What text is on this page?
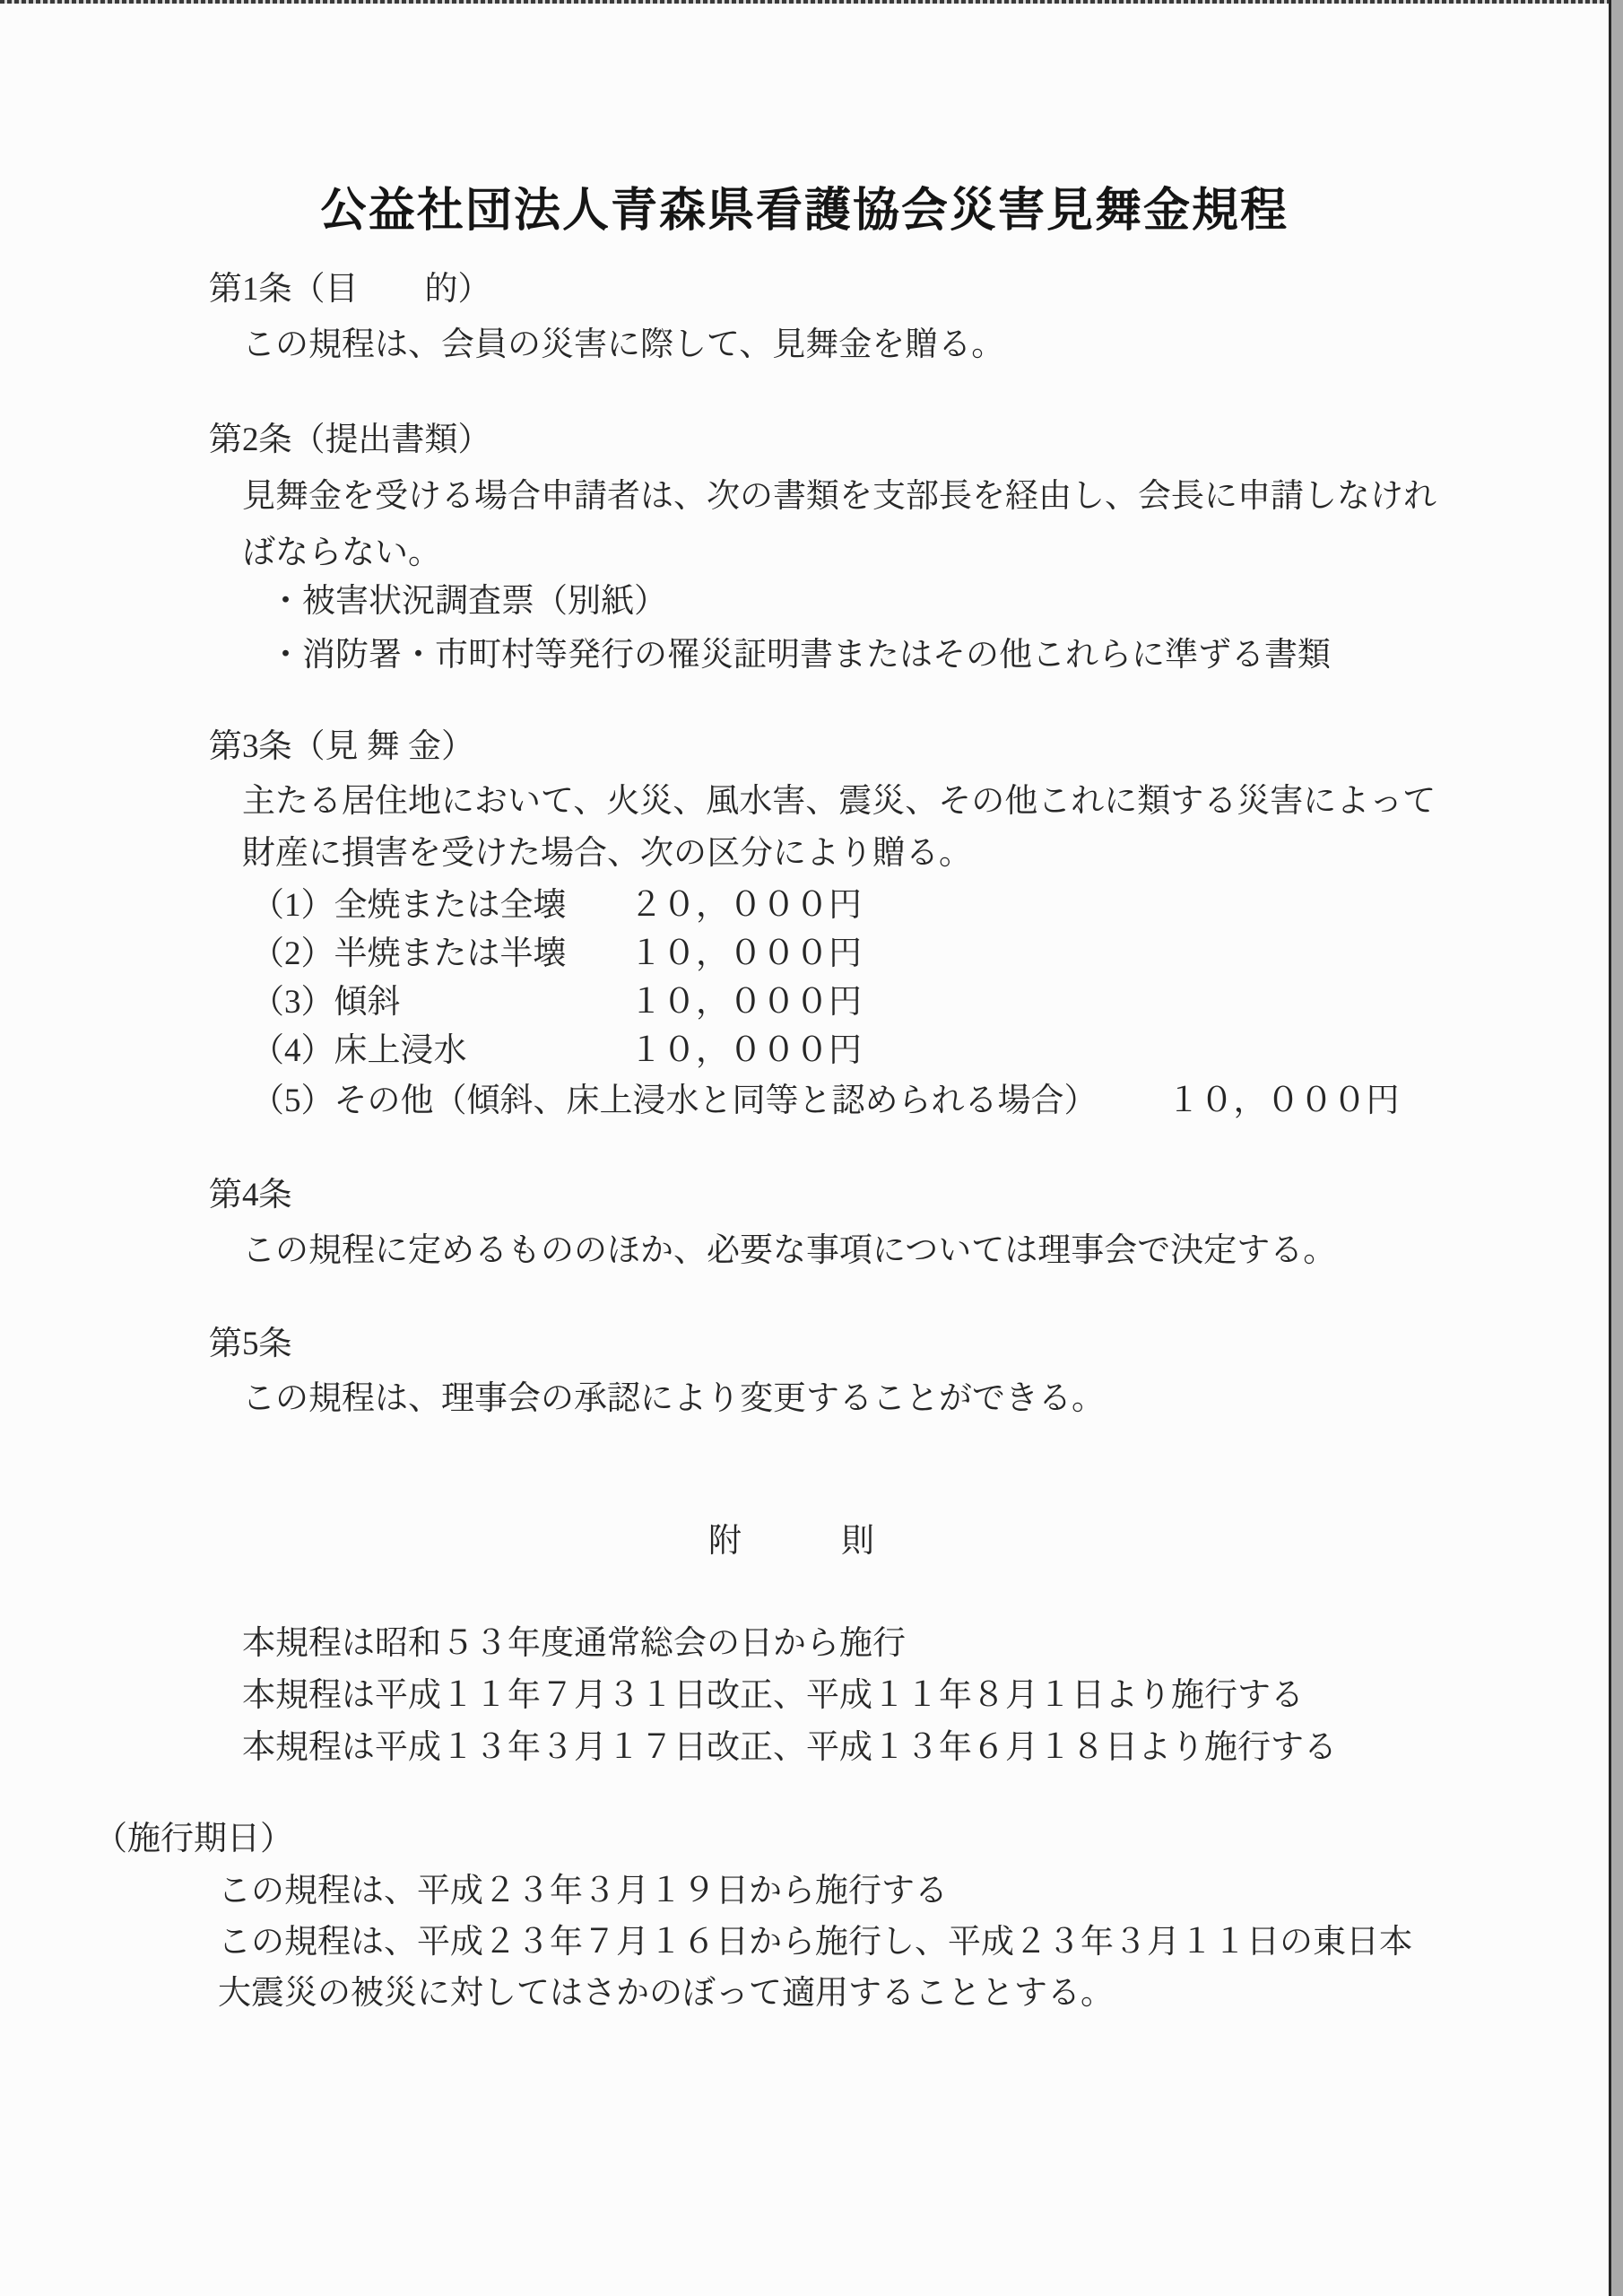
公益社団法人青森県看護協会災害見舞金規程
第1条（目　　的）
この規程は、会員の災害に際して、見舞金を贈る。
第2条（提出書類）
見舞金を受ける場合申請者は、次の書類を支部長を経由し、会長に申請しなけれ
ばならない。
・被害状況調査票（別紙）
・消防署・市町村等発行の罹災証明書またはその他これらに準ずる書類
第3条（見 舞 金）
主たる居住地において、火災、風水害、震災、その他これに類する災害によって
財産に損害を受けた場合、次の区分により贈る。
（1）全焼または全壊	２０，０００円
（2）半焼または半壊	１０，０００円
（3）傾斜	１０，０００円
（4）床上浸水	１０，０００円
（5）その他（傾斜、床上浸水と同等と認められる場合） １０，０００円
第4条
この規程に定めるもののほか、必要な事項については理事会で決定する。
第5条
この規程は、理事会の承認により変更することができる。
附　　　則
本規程は昭和５３年度通常総会の日から施行
本規程は平成１１年７月３１日改正、平成１１年８月１日より施行する
本規程は平成１３年３月１７日改正、平成１３年６月１８日より施行する
（施行期日）
この規程は、平成２３年３月１９日から施行する
この規程は、平成２３年７月１６日から施行し、平成２３年３月１１日の東日本
大震災の被災に対してはさかのぼって適用することとする。
